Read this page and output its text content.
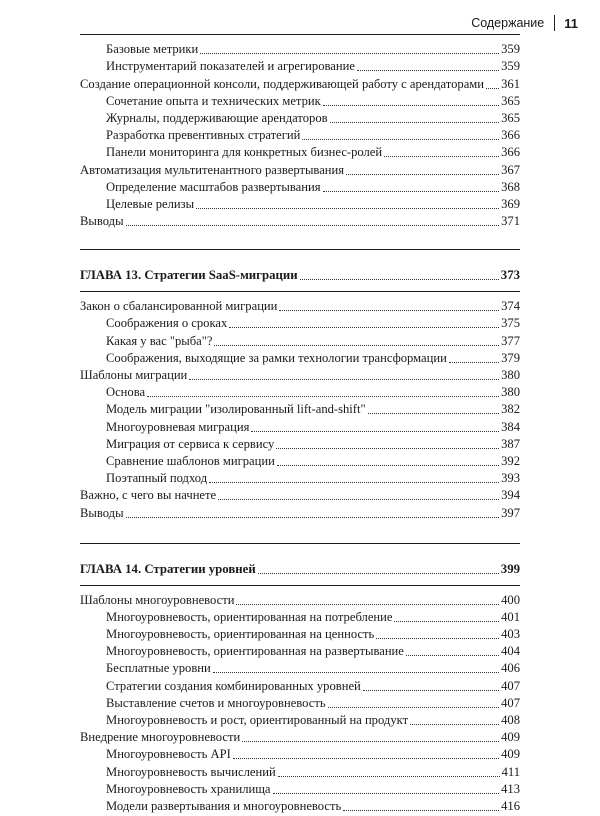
Содержание 11
Базовые метрики	359
Инструментарий показателей и агрегирование	359
Создание операционной консоли, поддерживающей работу с арендаторами 361
Сочетание опыта и технических метрик	365
Журналы, поддерживающие арендаторов	365
Разработка превентивных стратегий	366
Панели мониторинга для конкретных бизнес-ролей	366
Автоматизация мультитенантного развертывания	367
Определение масштабов развертывания	368
Целевые релизы	369
Выводы	371
ГЛАВА 13. Стратегии SaaS-миграции	373
Закон о сбалансированной миграции	374
Соображения о сроках	375
Какая у вас "рыба"?	377
Соображения, выходящие за рамки технологии трансформации	379
Шаблоны миграции	380
Основа	380
Модель миграции "изолированный lift-and-shift"	382
Многоуровневая миграция	384
Миграция от сервиса к сервису	387
Сравнение шаблонов миграции	392
Поэтапный подход	393
Важно, с чего вы начнете	394
Выводы	397
ГЛАВА 14. Стратегии уровней	399
Шаблоны многоуровневости	400
Многоуровневость, ориентированная на потребление	401
Многоуровневость, ориентированная на ценность	403
Многоуровневость, ориентированная на развертывание	404
Бесплатные уровни	406
Стратегии создания комбинированных уровней	407
Выставление счетов и многоуровневость	407
Многоуровневость и рост, ориентированный на продукт	408
Внедрение многоуровневости	409
Многоуровневость API	409
Многоуровневость вычислений	411
Многоуровневость хранилища	413
Модели развертывания и многоуровневость	416
